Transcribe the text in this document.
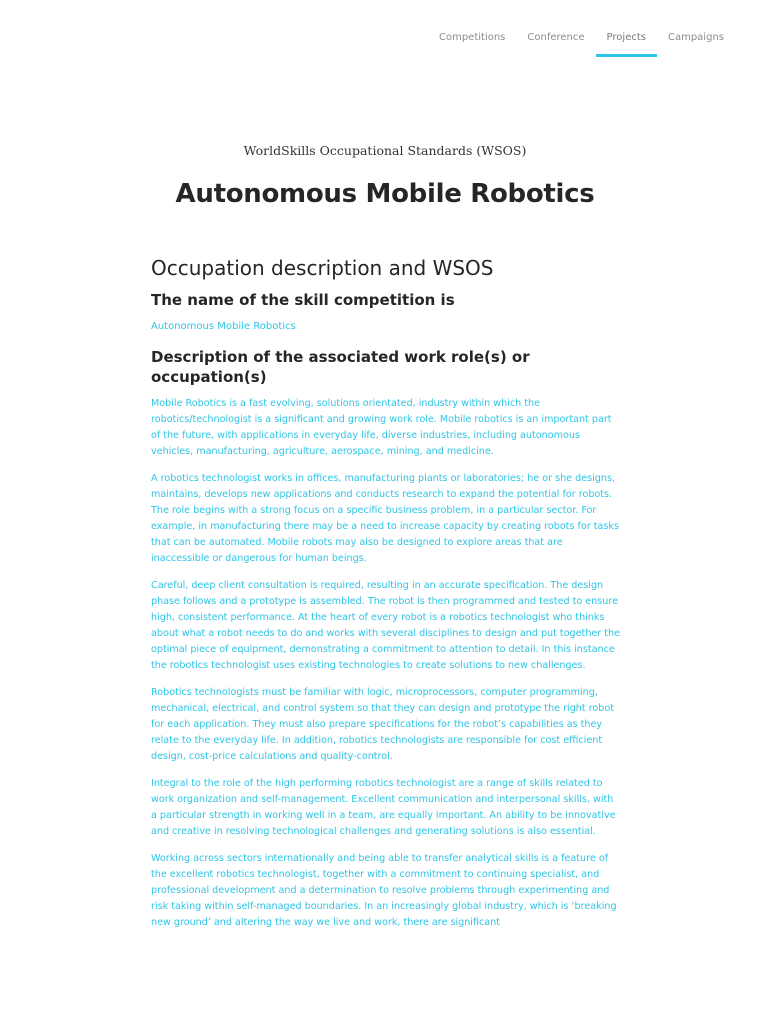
Competitions	Conference	Projects	Campaigns
WorldSkills Occupational Standards (WSOS)
Autonomous Mobile Robotics
Occupation description and WSOS
The name of the skill competition is
Autonomous Mobile Robotics
Description of the associated work role(s) or occupation(s)

Mobile Robotics is a fast evolving, solutions orientated, industry within which the robotics/technologist is a significant and growing work role. Mobile robotics is an important part of the future, with applications in everyday life, diverse industries, including autonomous vehicles, manufacturing, agriculture, aerospace, mining, and medicine.

A robotics technologist works in offices, manufacturing plants or laboratories; he or she designs, maintains, develops new applications and conducts research to expand the potential for robots. The role begins with a strong focus on a specific business problem, in a particular sector. For example, in manufacturing there may be a need to increase capacity by creating robots for tasks that can be automated. Mobile robots may also be designed to explore areas that are inaccessible or dangerous for human beings.

Careful, deep client consultation is required, resulting in an accurate specification. The design phase follows and a prototype is assembled. The robot is then programmed and tested to ensure high, consistent performance. At the heart of every robot is a robotics technologist who thinks about what a robot needs to do and works with several disciplines to design and put together the optimal piece of equipment, demonstrating a commitment to attention to detail. In this instance the robotics technologist uses existing technologies to create solutions to new challenges.

Robotics technologists must be familiar with logic, microprocessors, computer programming, mechanical, electrical, and control system so that they can design and prototype the right robot for each application. They must also prepare specifications for the robot’s capabilities as they relate to the everyday life. In addition, robotics technologists are responsible for cost efficient design, cost-price calculations and quality-control.

Integral to the role of the high performing robotics technologist are a range of skills related to work organization and self-management. Excellent communication and interpersonal skills, with a particular strength in working well in a team, are equally important. An ability to be innovative and creative in resolving technological challenges and generating solutions is also essential.

Working across sectors internationally and being able to transfer analytical skills is a feature of the excellent robotics technologist, together with a commitment to continuing specialist, and professional development and a determination to resolve problems through experimenting and risk taking within self-managed boundaries. In an increasingly global industry, which is ‘breaking new ground’ and altering the way we live and work, there are significant
